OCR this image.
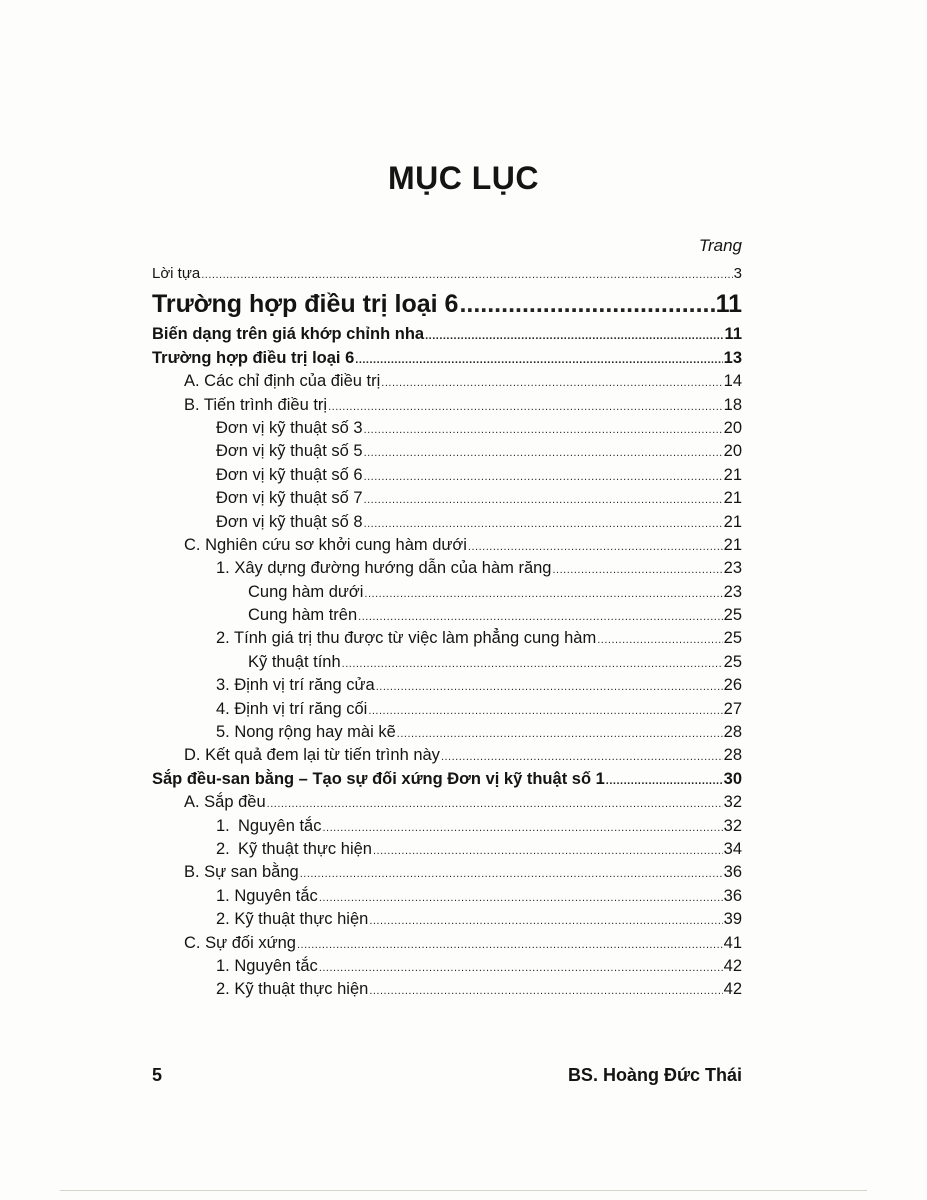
MỤC LỤC
Trang
Lời tựa .....	3
Trường hợp điều trị loại 6 .....	11
Biến dạng trên giá khớp chỉnh nha .....	11
Trường hợp điều trị loại 6 .....	13
A. Các chỉ định của điều trị .....	14
B. Tiến trình điều trị .....	18
Đơn vị kỹ thuật số 3 .....	20
Đơn vị kỹ thuật số 5 .....	20
Đơn vị kỹ thuật số 6 .....	21
Đơn vị kỹ thuật số 7 .....	21
Đơn vị kỹ thuật số 8 .....	21
C. Nghiên cứu sơ khởi cung hàm dưới .....	21
1. Xây dựng đường hướng dẫn của hàm răng .....	23
Cung hàm dưới .....	23
Cung hàm trên .....	25
2. Tính giá trị thu được từ việc làm phẳng cung hàm .....	25
Kỹ thuật tính .....	25
3. Định vị trí răng cửa .....	26
4. Định vị trí răng cối .....	27
5. Nong rộng hay mài kẽ .....	28
D. Kết quả đem lại từ tiến trình này .....	28
Sắp đều-san bằng – Tạo sự đối xứng Đơn vị kỹ thuật số 1 .....	30
A. Sắp đều .....	32
1. Nguyên tắc .....	32
2. Kỹ thuật thực hiện .....	34
B. Sự san bằng .....	36
1. Nguyên tắc .....	36
2. Kỹ thuật thực hiện .....	39
C. Sự đối xứng .....	41
1. Nguyên tắc .....	42
2. Kỹ thuật thực hiện .....	42
5	BS. Hoàng Đức Thái
